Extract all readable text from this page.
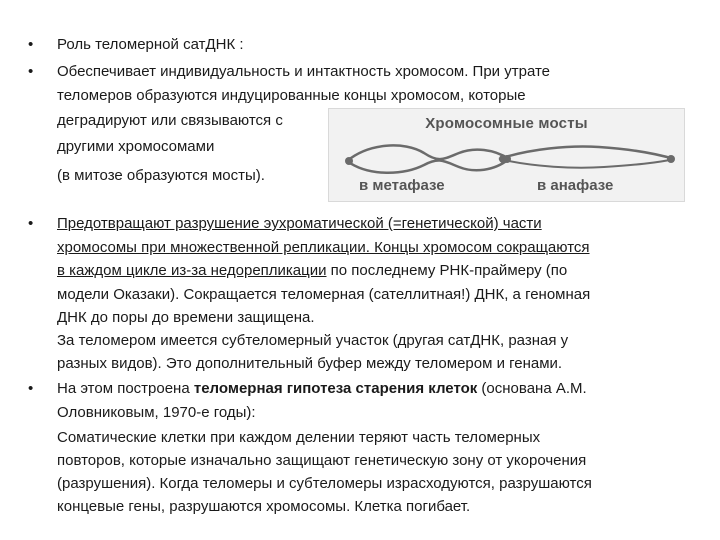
• Роль теломерной сатДНК :
• Обеспечивает индивидуальность и интактность хромосом. При утрате
теломеров образуются индуцированные концы хромосом, которые
деградируют или связываются с
другими хромосомами
(в митозе образуются мосты).
Хромосомные мосты
в метафазе	в анафазе
• Предотвращают разрушение эухроматической (=генетической) части
хромосомы при множественной репликации. Концы хромосом сокращаются
в каждом цикле из-за недорепликации по последнему РНК-праймеру (по
модели Оказаки). Сокращается теломерная (сателлитная!) ДНК, а геномная
ДНК до поры до времени защищена.
За теломером имеется субтеломерный участок (другая сатДНК, разная у
разных видов). Это дополнительный буфер между теломером и генами.
• На этом построена теломерная гипотеза старения клеток (основана А.М.
Оловниковым, 1970-е годы):
Соматические клетки при каждом делении теряют часть теломерных
повторов, которые изначально защищают генетическую зону от укорочения
(разрушения). Когда теломеры и субтеломеры израсходуются, разрушаются
концевые гены, разрушаются хромосомы. Клетка погибает.
